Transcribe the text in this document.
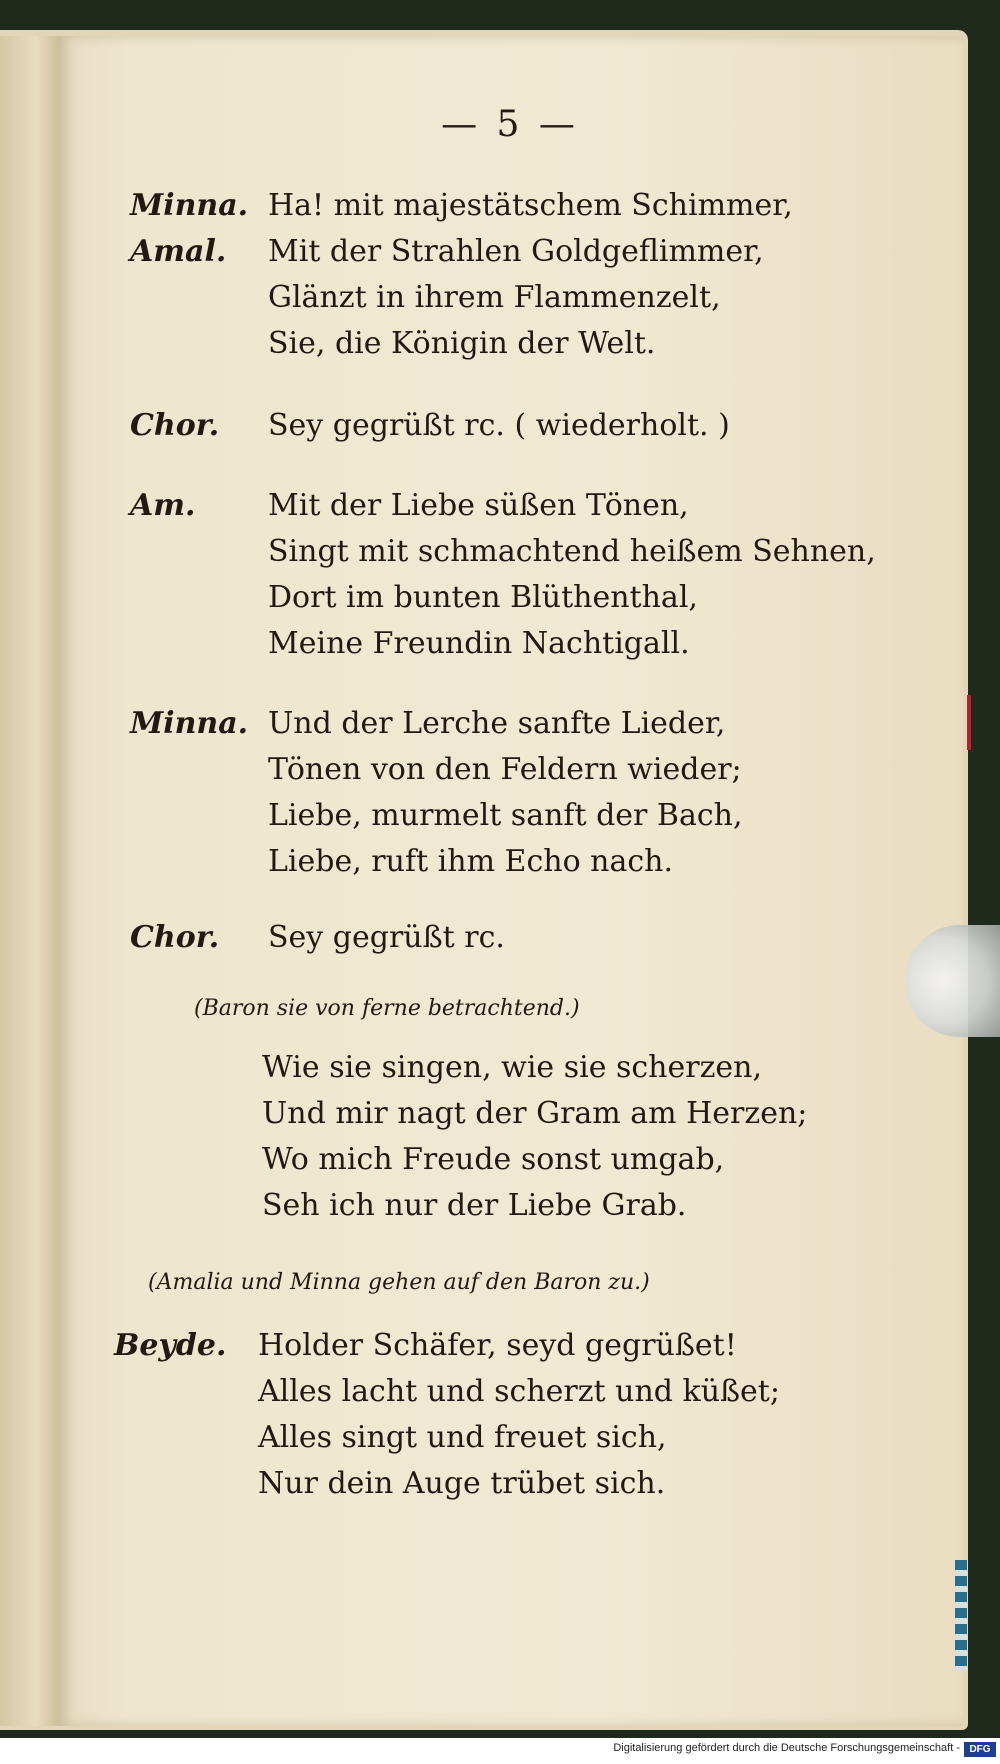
— 5 —
Minna. Ha! mit majestätschem Schimmer,
Amal. Mit der Strahlen Goldgeflimmer,
Glänzt in ihrem Flammenzelt,
Sie, die Königin der Welt.
Chor. Sey gegrüßt rc. ( wiederholt. )
Am. Mit der Liebe süßen Tönen,
Singt mit schmachtend heißem Sehnen,
Dort im bunten Blüthenthal,
Meine Freundin Nachtigall.
Minna. Und der Lerche sanfte Lieder,
Tönen von den Feldern wieder;
Liebe, murmelt sanft der Bach,
Liebe, ruft ihm Echo nach.
Chor. Sey gegrüßt rc.
(Baron sie von ferne betrachtend.)
Wie sie singen, wie sie scherzen,
Und mir nagt der Gram am Herzen;
Wo mich Freude sonst umgab,
Seh ich nur der Liebe Grab.
(Amalia und Minna gehen auf den Baron zu.)
Beyde. Holder Schäfer, seyd gegrüßet!
Alles lacht und scherzt und küßet;
Alles singt und freuet sich,
Nur dein Auge trübet sich.
Digitalisierung gefördert durch die Deutsche Forschungsgemeinschaft - DFG
